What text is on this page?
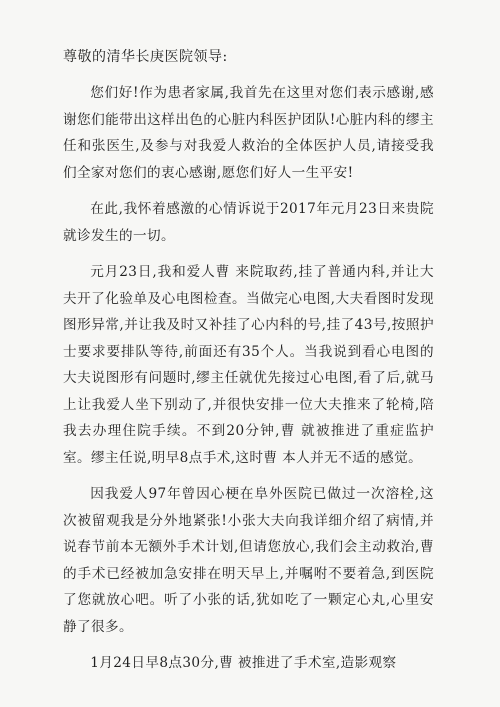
尊敬的清华长庚医院领导:

您们好!作为患者家属,我首先在这里对您们表示感谢,感谢您们能带出这样出色的心脏内科医护团队!心脏内科的缪主任和张医生,及参与对我爱人救治的全体医护人员,请接受我们全家对您们的衷心感谢,愿您们好人一生平安!

在此,我怀着感激的心情诉说于2017年元月23日来贵院就诊发生的一切。

元月23日,我和爱人曹 来院取药,挂了普通内科,并让大夫开了化验单及心电图检查。当做完心电图,大夫看图时发现图形异常,并让我及时又补挂了心内科的号,挂了43号,按照护士要求要排队等待,前面还有35个人。当我说到看心电图的大夫说图形有问题时,缪主任就优先接过心电图,看了后,就马上让我爱人坐下别动了,并很快安排一位大夫推来了轮椅,陪我去办理住院手续。不到20分钟,曹 就被推进了重症监护室。缪主任说,明早8点手术,这时曹 本人并无不适的感觉。

因我爱人97年曾因心梗在阜外医院已做过一次溶栓,这次被留观我是分外地紧张!小张大夫向我详细介绍了病情,并说春节前本无额外手术计划,但请您放心,我们会主动救治,曹 的手术已经被加急安排在明天早上,并嘱咐不要着急,到医院了您就放心吧。听了小张的话,犹如吃了一颗定心丸,心里安静了很多。

1月24日早8点30分,曹 被推进了手术室,造影观察
